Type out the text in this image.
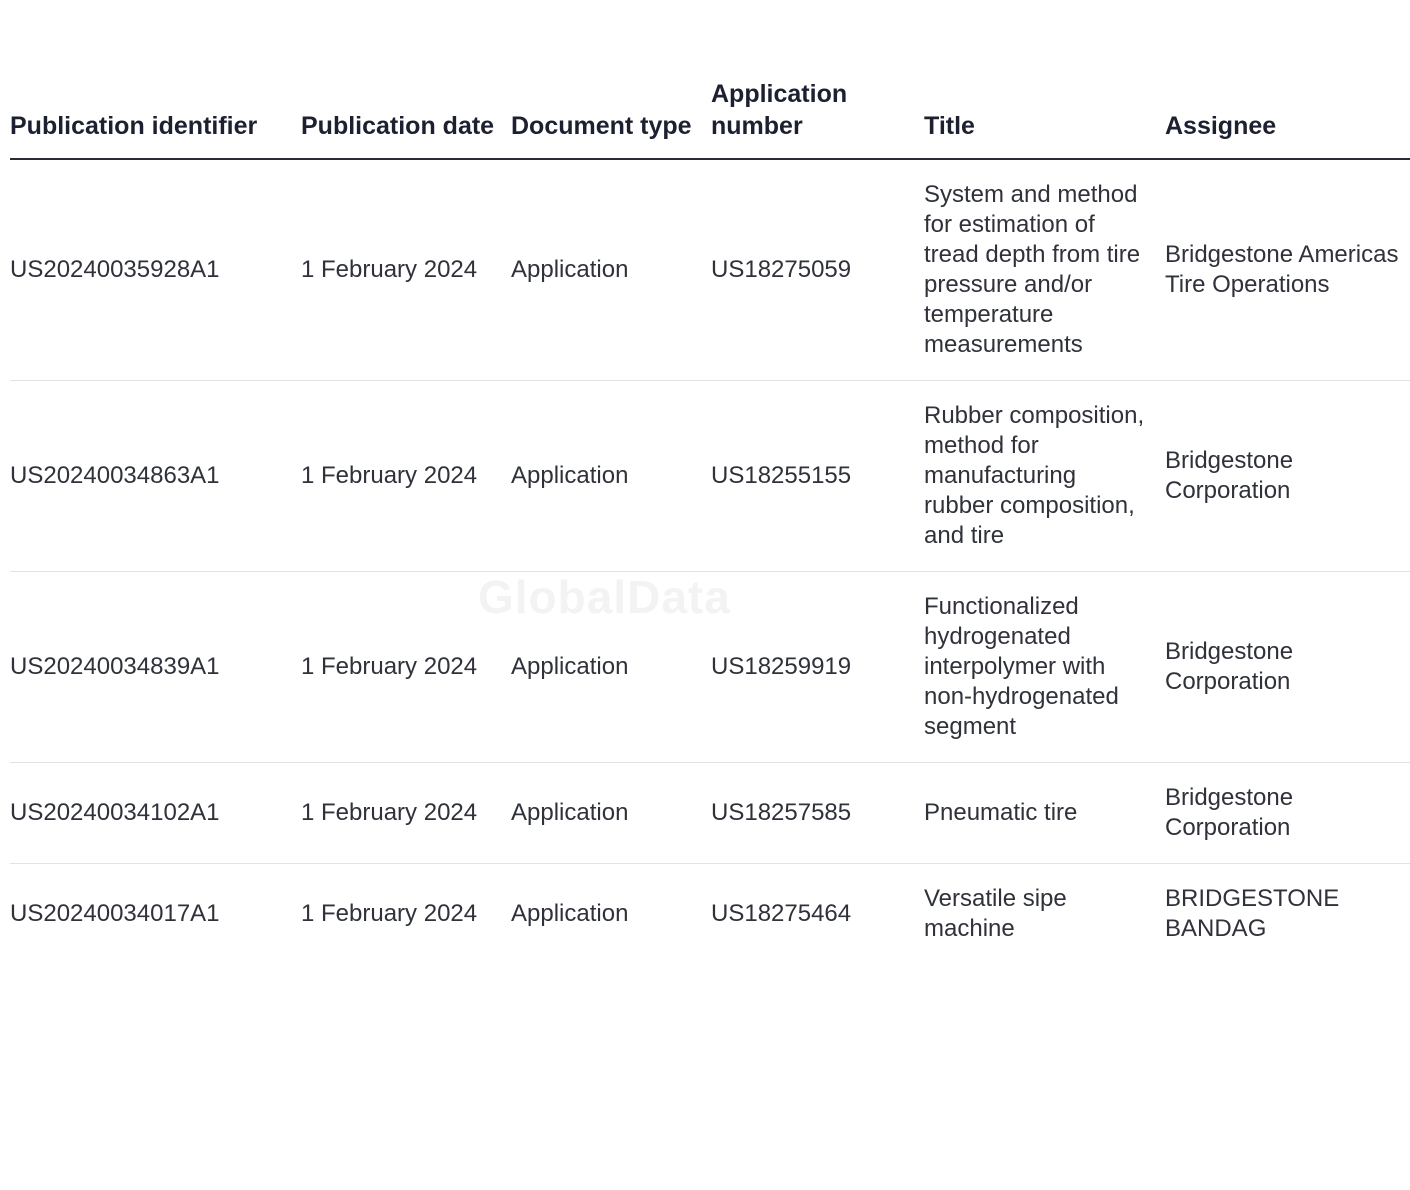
GlobalData
Publication identifier	Publication date	Document type	Application number	Title	Assignee
US20240035928A1	1 February 2024	Application	US18275059	System and method for estimation of tread depth from tire pressure and/or temperature measurements	Bridgestone Americas Tire Operations
US20240034863A1	1 February 2024	Application	US18255155	Rubber composition, method for manufacturing rubber composition, and tire	Bridgestone Corporation
US20240034839A1	1 February 2024	Application	US18259919	Functionalized hydrogenated interpolymer with non-hydrogenated segment	Bridgestone Corporation
US20240034102A1	1 February 2024	Application	US18257585	Pneumatic tire	Bridgestone Corporation
US20240034017A1	1 February 2024	Application	US18275464	Versatile sipe machine	BRIDGESTONE BANDAG
